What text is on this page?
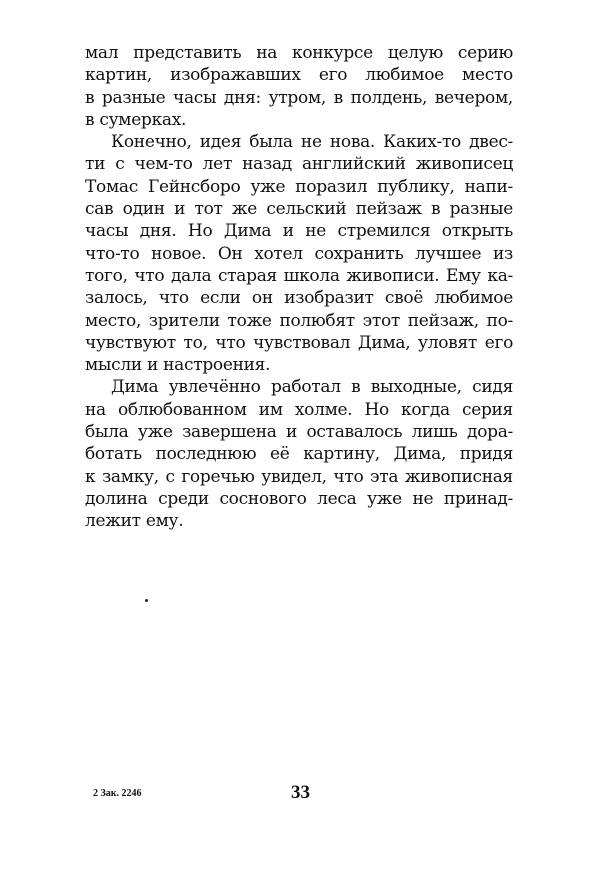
мал представить на конкурсе целую серию
картин, изображавших его любимое место
в разные часы дня: утром, в полдень, вечером,
в сумерках.
Конечно, идея была не нова. Каких-то двес-
ти с чем-то лет назад английский живописец
Томас Гейнсборо уже поразил публику, напи-
сав один и тот же сельский пейзаж в разные
часы дня. Но Дима и не стремился открыть
что-то новое. Он хотел сохранить лучшее из
того, что дала старая школа живописи. Ему ка-
залось, что если он изобразит своё любимое
место, зрители тоже полюбят этот пейзаж, по-
чувствуют то, что чувствовал Дима, уловят его
мысли и настроения.
Дима увлечённо работал в выходные, сидя
на облюбованном им холме. Но когда серия
была уже завершена и оставалось лишь дора-
ботать последнюю её картину, Дима, придя
к замку, с горечью увидел, что эта живописная
долина среди соснового леса уже не принад-
лежит ему.
2 Зак. 2246	33
